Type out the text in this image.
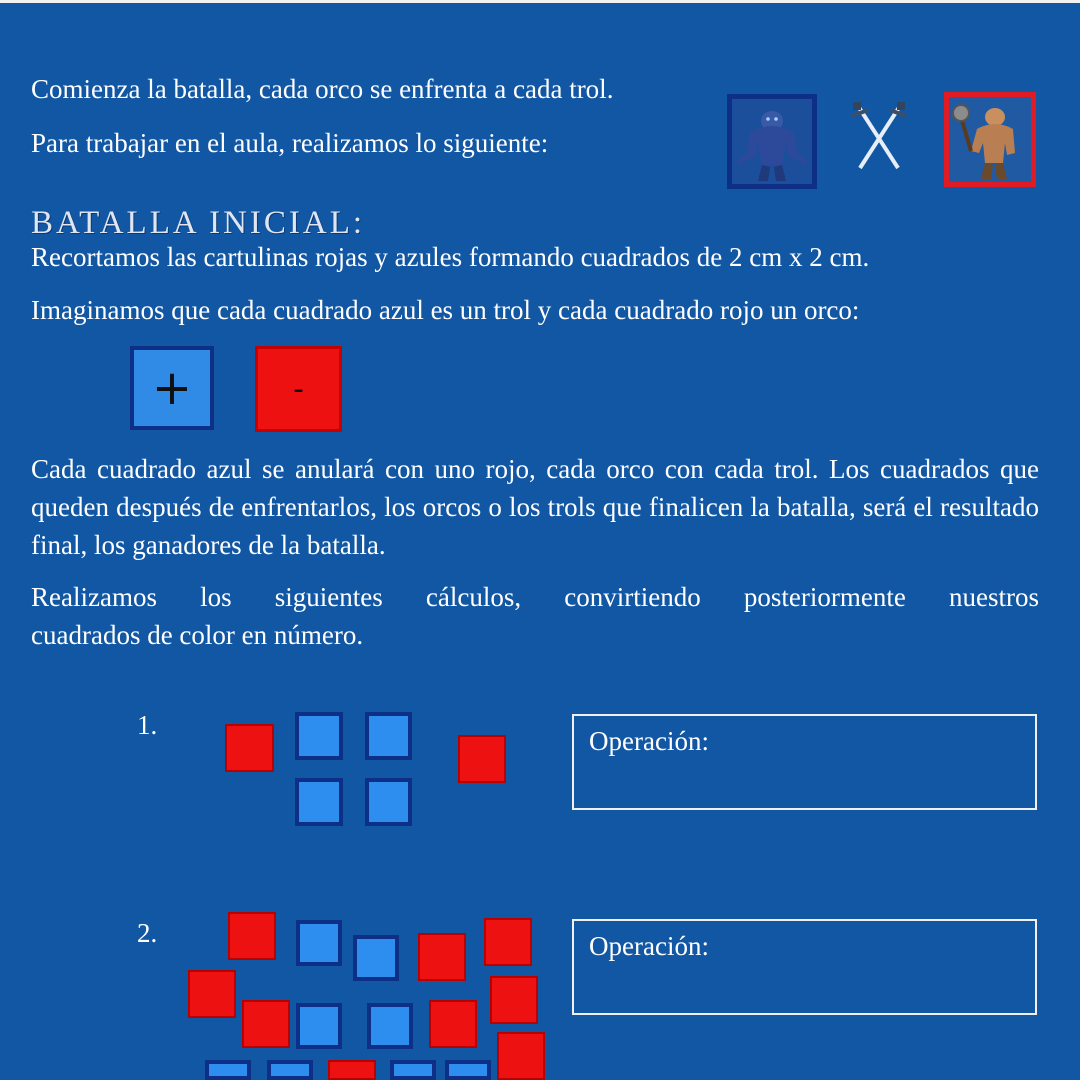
Comienza la batalla, cada orco se enfrenta a cada trol.

Para trabajar en el aula, realizamos lo siguiente:

BATALLA INICIAL:

Recortamos las cartulinas rojas y azules formando cuadrados de 2 cm x 2 cm.

Imaginamos que cada cuadrado azul es un trol y cada cuadrado rojo un orco:

+	-

Cada cuadrado azul se anulará con uno rojo, cada orco con cada trol. Los cuadrados que queden después de enfrentarlos, los orcos o los trols que finalicen la batalla, será el resultado final, los ganadores de la batalla.

Realizamos los siguientes cálculos, convirtiendo posteriormente nuestros

cuadrados de color en número.

1.
Operación:
2.	Operación:
